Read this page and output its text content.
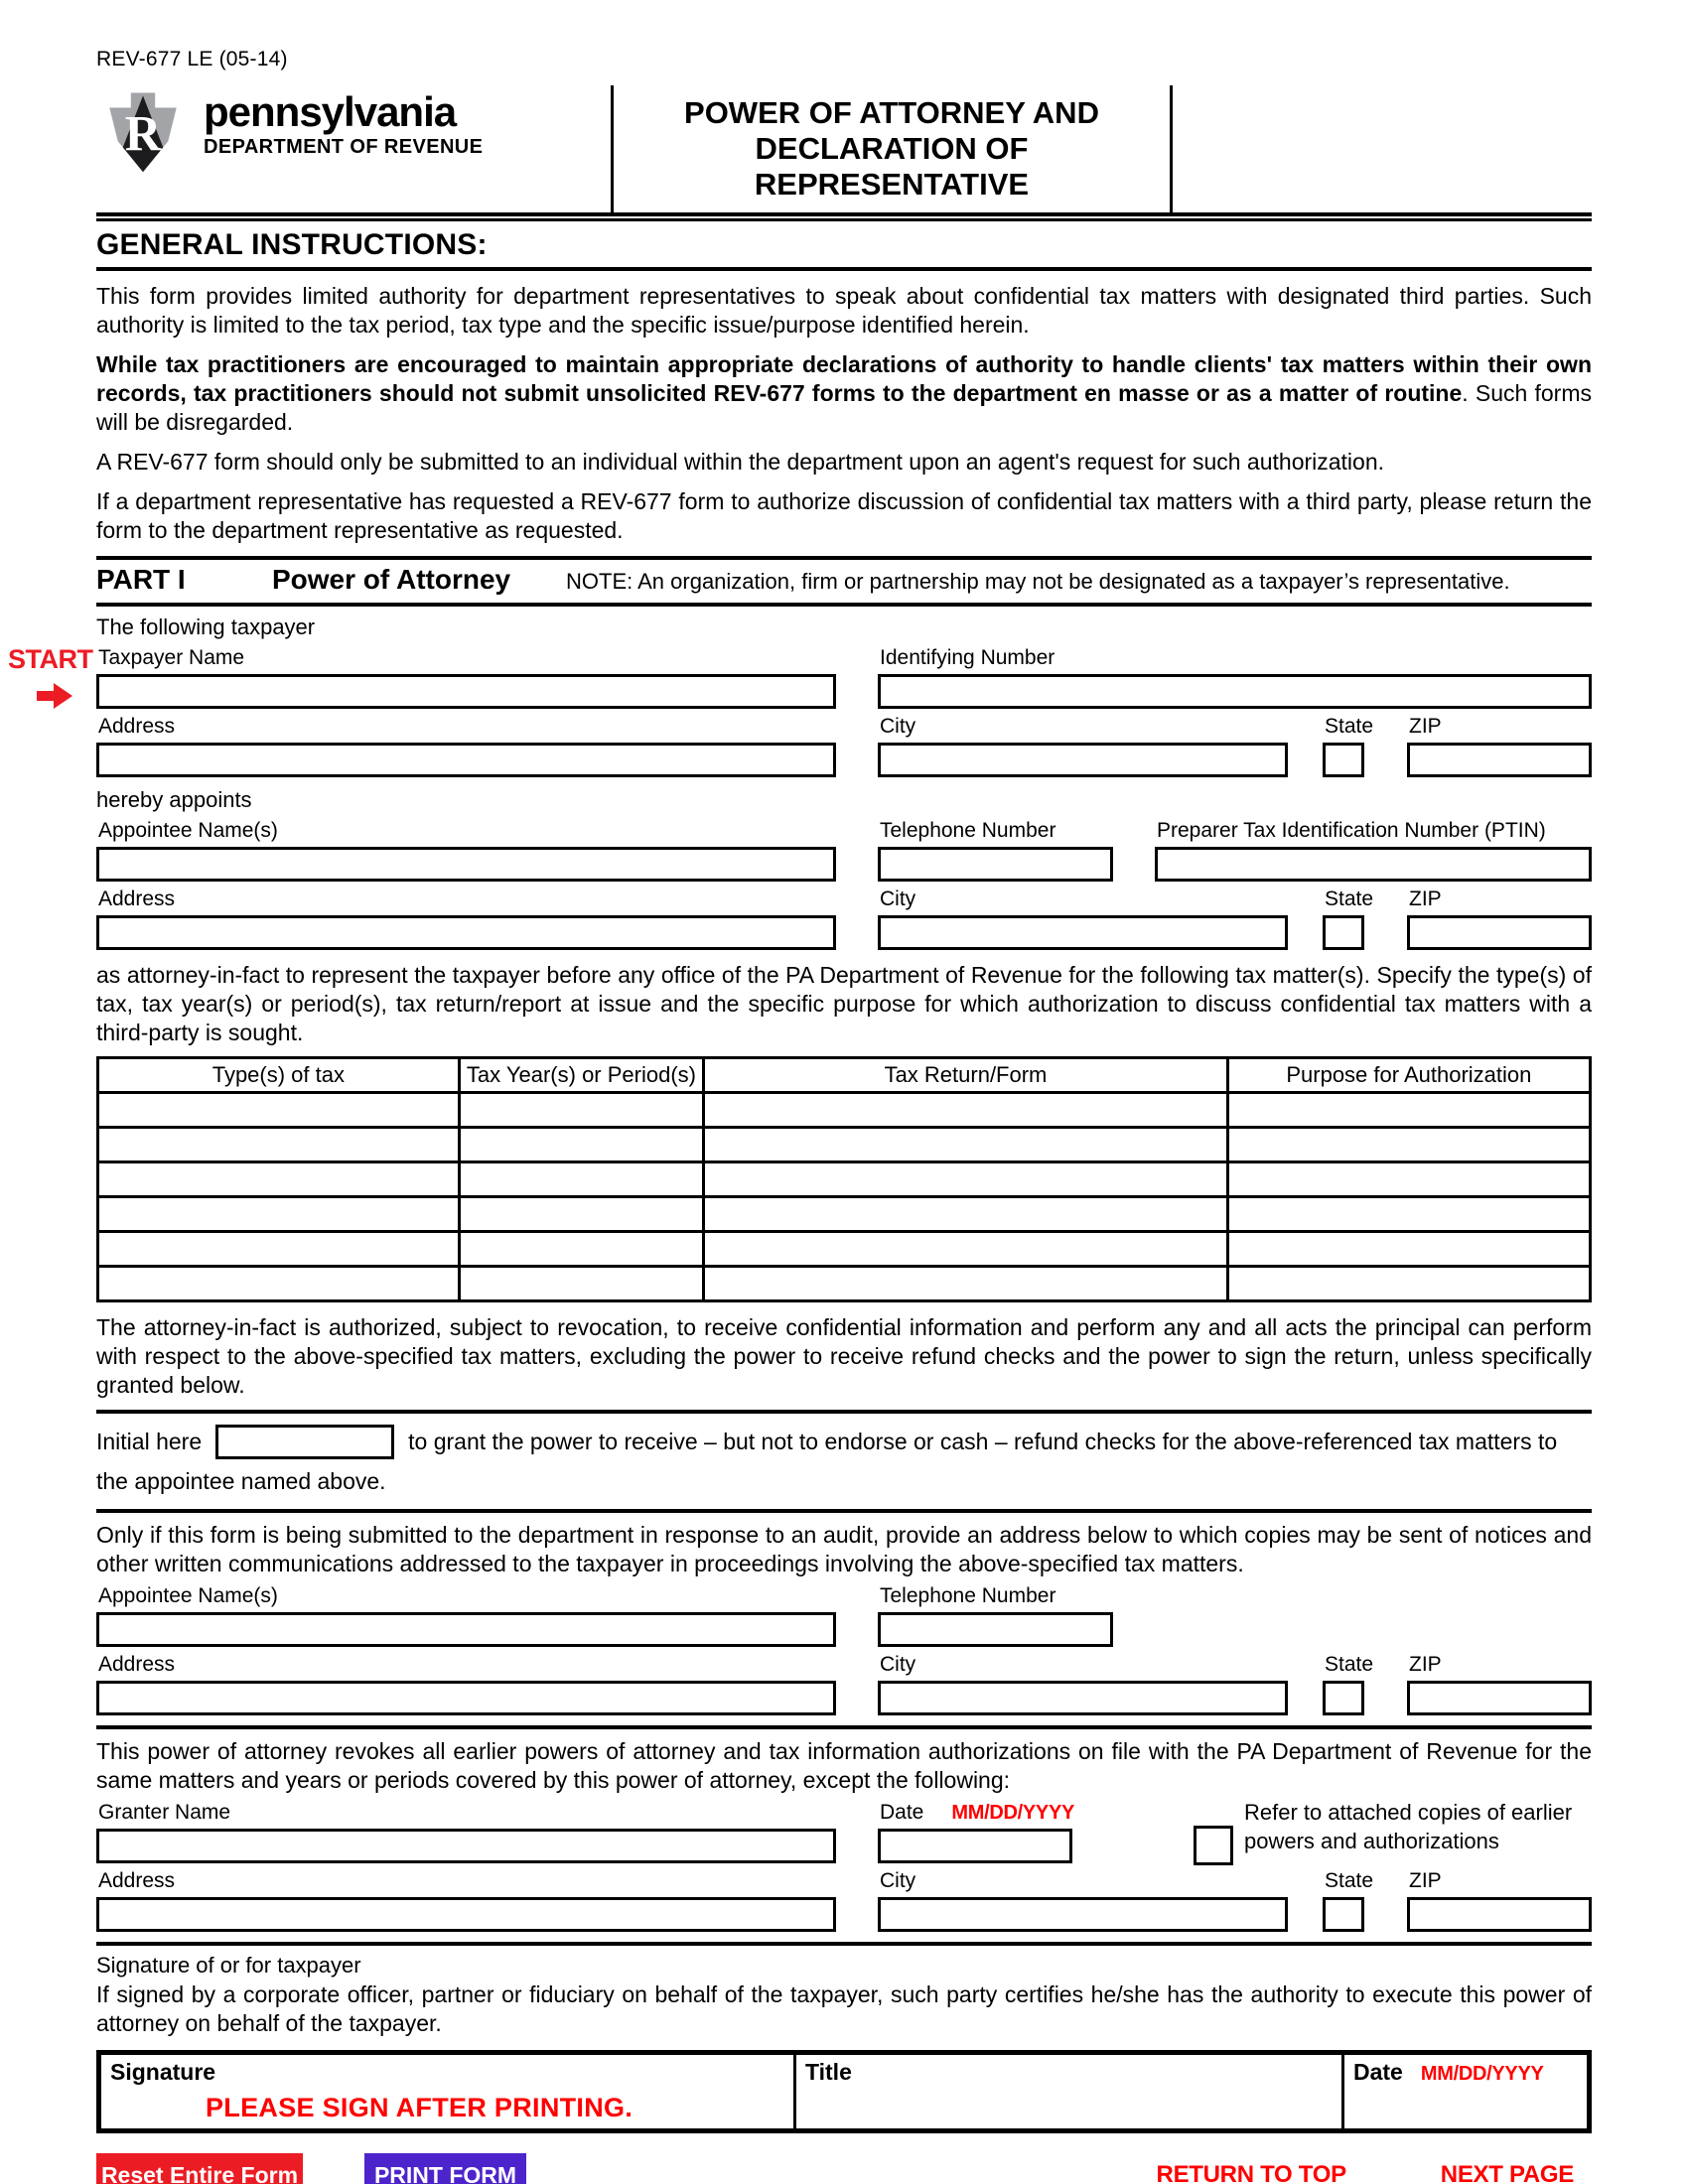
REV-677 LE (05-14)
R pennsylvania
DEPARTMENT OF REVENUE
POWER OF ATTORNEY AND
DECLARATION OF
REPRESENTATIVE
GENERAL INSTRUCTIONS:

This form provides limited authority for department representatives to speak about confidential tax matters with designated third parties. Such authority is limited to the tax period, tax type and the specific issue/purpose identified herein.

While tax practitioners are encouraged to maintain appropriate declarations of authority to handle clients' tax matters within their own records, tax practitioners should not submit unsolicited REV-677 forms to the department en masse or as a matter of routine. Such forms will be disregarded.

A REV-677 form should only be submitted to an individual within the department upon an agent's request for such authorization.

If a department representative has requested a REV-677 form to authorize discussion of confidential tax matters with a third party, please return the form to the department representative as requested.

PART I	Power of Attorney	NOTE: An organization, firm or partnership may not be designated as a taxpayer’s representative.
The following taxpayer
START Taxpayer Name	Identifying Number
Address	City	State ZIP
hereby appoints
Appointee Name(s)	Telephone Number	Preparer Tax Identification Number (PTIN)
Address	City	State ZIP

as attorney-in-fact to represent the taxpayer before any office of the PA Department of Revenue for the following tax matter(s). Specify the type(s) of tax, tax year(s) or period(s), tax return/report at issue and the specific purpose for which authorization to discuss confidential tax matters with a third-party is sought.

Type(s) of tax	Tax Year(s) or Period(s)	Tax Return/Form	Purpose for Authorization

The attorney-in-fact is authorized, subject to revocation, to receive confidential information and perform any and all acts the principal can perform with respect to the above-specified tax matters, excluding the power to receive refund checks and the power to sign the return, unless specifically granted below.

Initial here	to grant the power to receive – but not to endorse or cash – refund checks for the above-referenced tax matters to the appointee named above.

Only if this form is being submitted to the department in response to an audit, provide an address below to which copies may be sent of notices and other written communications addressed to the taxpayer in proceedings involving the above-specified tax matters.

Appointee Name(s)	Telephone Number
Address	City	State ZIP

This power of attorney revokes all earlier powers of attorney and tax information authorizations on file with the PA Department of Revenue for the same matters and years or periods covered by this power of attorney, except the following:

Granter Name	Date MM/DD/YYYY	Refer to attached copies of earlier powers and authorizations
Address	City	State ZIP
Signature of or for taxpayer

If signed by a corporate officer, partner or fiduciary on behalf of the taxpayer, such party certifies he/she has the authority to execute this power of attorney on behalf of the taxpayer.

Signature
PLEASE SIGN AFTER PRINTING.
Title	Date MM/DD/YYYY
Reset Entire Form	PRINT FORM	RETURN TO TOP	NEXT PAGE
